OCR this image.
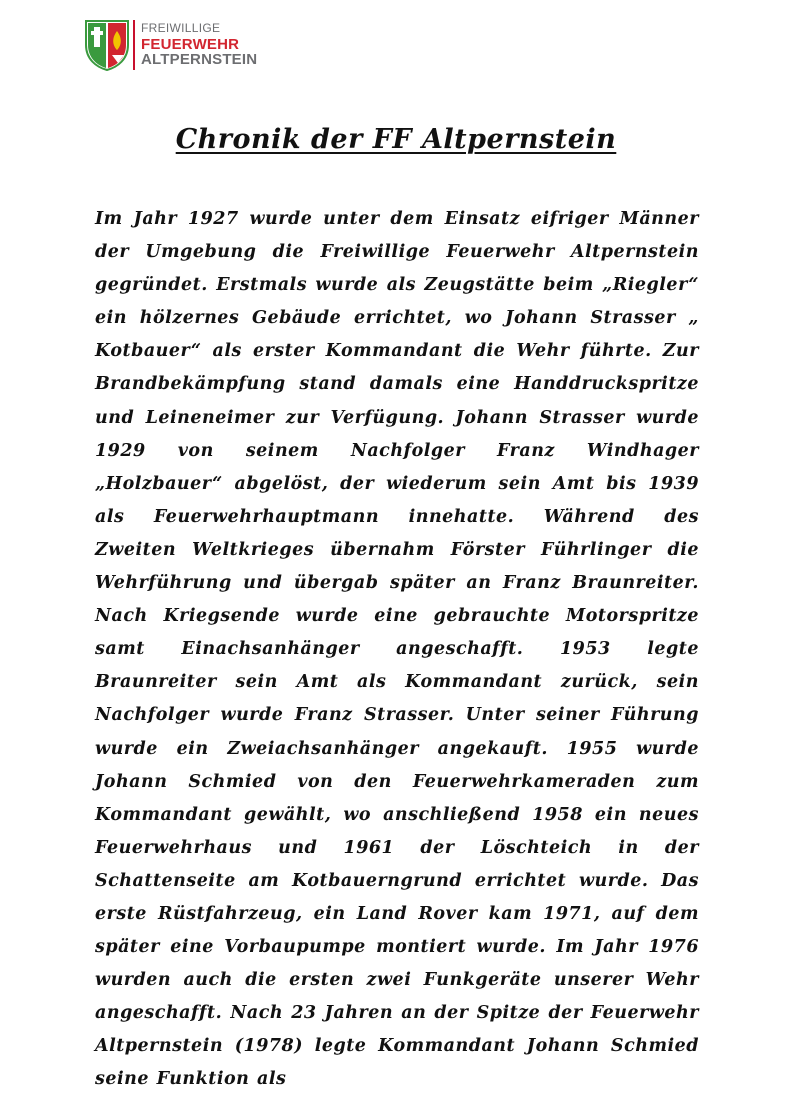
FREIWILLIGE
FEUERWEHR
ALTPERNSTEIN
Chronik der FF Altpernstein

Im Jahr 1927 wurde unter dem Einsatz eifriger Männer der Umgebung die Freiwillige Feuerwehr Altpernstein gegründet. Erstmals wurde als Zeugstätte beim „Riegler“ ein hölzernes Gebäude errichtet, wo Johann Strasser „ Kotbauer“ als erster Kommandant die Wehr führte. Zur Brandbekämpfung stand damals eine Handdruckspritze und Leineneimer zur Verfügung. Johann Strasser wurde 1929 von seinem Nachfolger Franz Windhager „Holzbauer“ abgelöst, der wiederum sein Amt bis 1939 als Feuerwehrhauptmann innehatte. Während des Zweiten Weltkrieges übernahm Förster Führlinger die Wehrführung und übergab später an Franz Braunreiter. Nach Kriegsende wurde eine gebrauchte Motorspritze samt Einachsanhänger angeschafft. 1953 legte Braunreiter sein Amt als Kommandant zurück, sein Nachfolger wurde Franz Strasser. Unter seiner Führung wurde ein Zweiachsanhänger angekauft. 1955 wurde Johann Schmied von den Feuerwehrkameraden zum Kommandant gewählt, wo anschließend 1958 ein neues Feuerwehrhaus und 1961 der Löschteich in der Schattenseite am Kotbauerngrund errichtet wurde. Das erste Rüstfahrzeug, ein Land Rover kam 1971, auf dem später eine Vorbaupumpe montiert wurde. Im Jahr 1976 wurden auch die ersten zwei Funkgeräte unserer Wehr angeschafft. Nach 23 Jahren an der Spitze der Feuerwehr Altpernstein (1978) legte Kommandant Johann Schmied seine Funktion als
